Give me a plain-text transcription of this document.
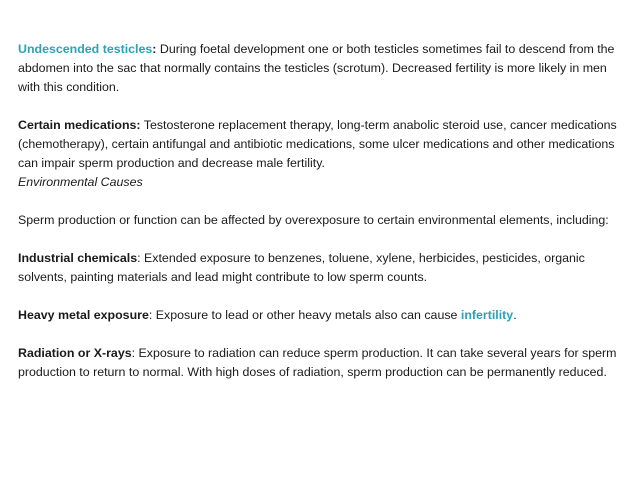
Undescended testicles: During foetal development one or both testicles sometimes fail to descend from the abdomen into the sac that normally contains the testicles (scrotum). Decreased fertility is more likely in men with this condition.

Certain medications: Testosterone replacement therapy, long-term anabolic steroid use, cancer medications (chemotherapy), certain antifungal and antibiotic medications, some ulcer medications and other medications can impair sperm production and decrease male fertility.

Environmental Causes

Sperm production or function can be affected by overexposure to certain environmental elements, including:

Industrial chemicals: Extended exposure to benzenes, toluene, xylene, herbicides, pesticides, organic solvents, painting materials and lead might contribute to low sperm counts.

Heavy metal exposure: Exposure to lead or other heavy metals also can cause infertility.

Radiation or X-rays: Exposure to radiation can reduce sperm production. It can take several years for sperm production to return to normal. With high doses of radiation, sperm production can be permanently reduced.
